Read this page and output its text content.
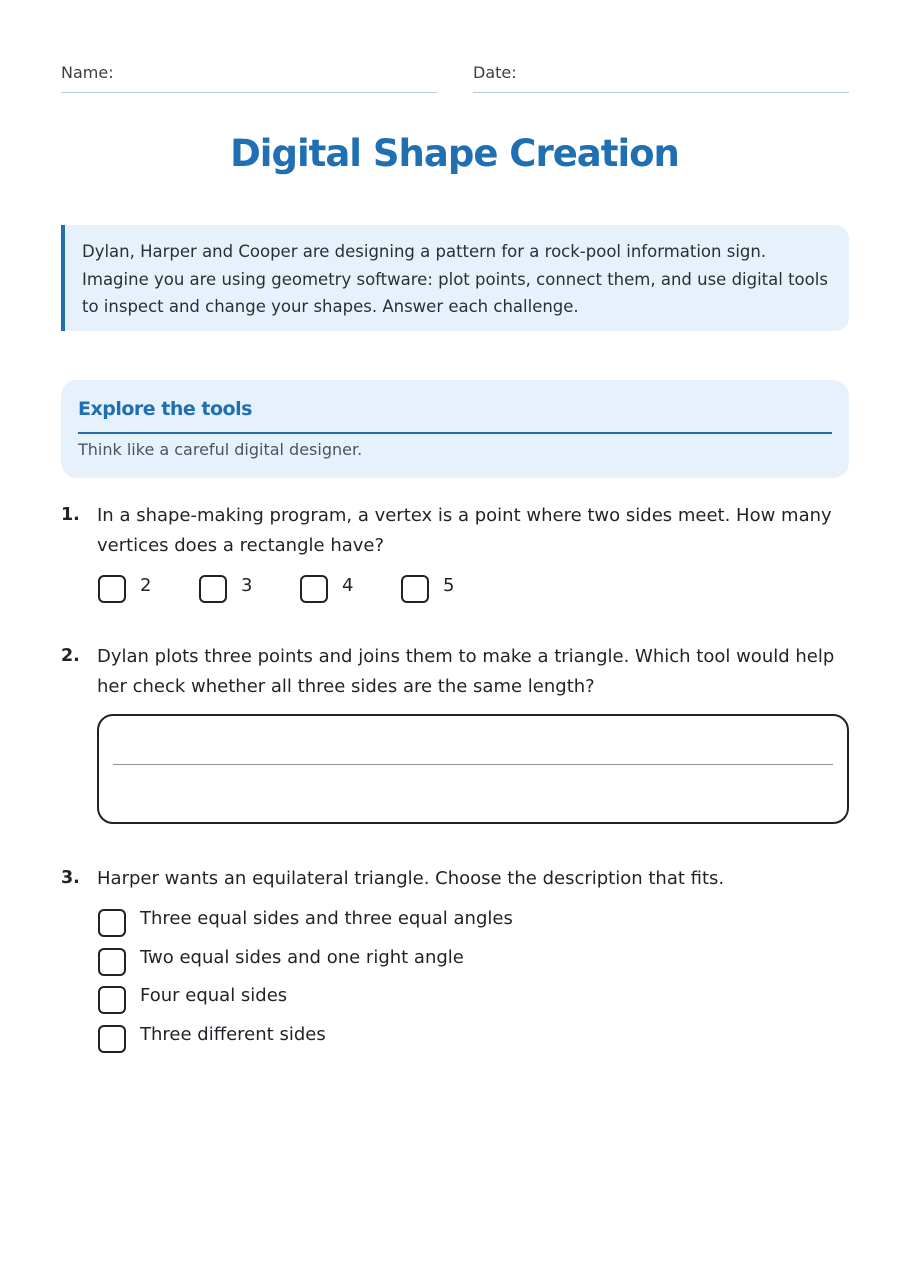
Name:	Date:
Digital Shape Creation
Dylan, Harper and Cooper are designing a pattern for a rock-pool information sign. Imagine you are using geometry software: plot points, connect them, and use digital tools to inspect and change your shapes. Answer each challenge.
Explore the tools
Think like a careful digital designer.
1. In a shape-making program, a vertex is a point where two sides meet. How many vertices does a rectangle have?
2	3	4	5
2. Dylan plots three points and joins them to make a triangle. Which tool would help her check whether all three sides are the same length?
3. Harper wants an equilateral triangle. Choose the description that fits.
Three equal sides and three equal angles
Two equal sides and one right angle
Four equal sides
Three different sides
